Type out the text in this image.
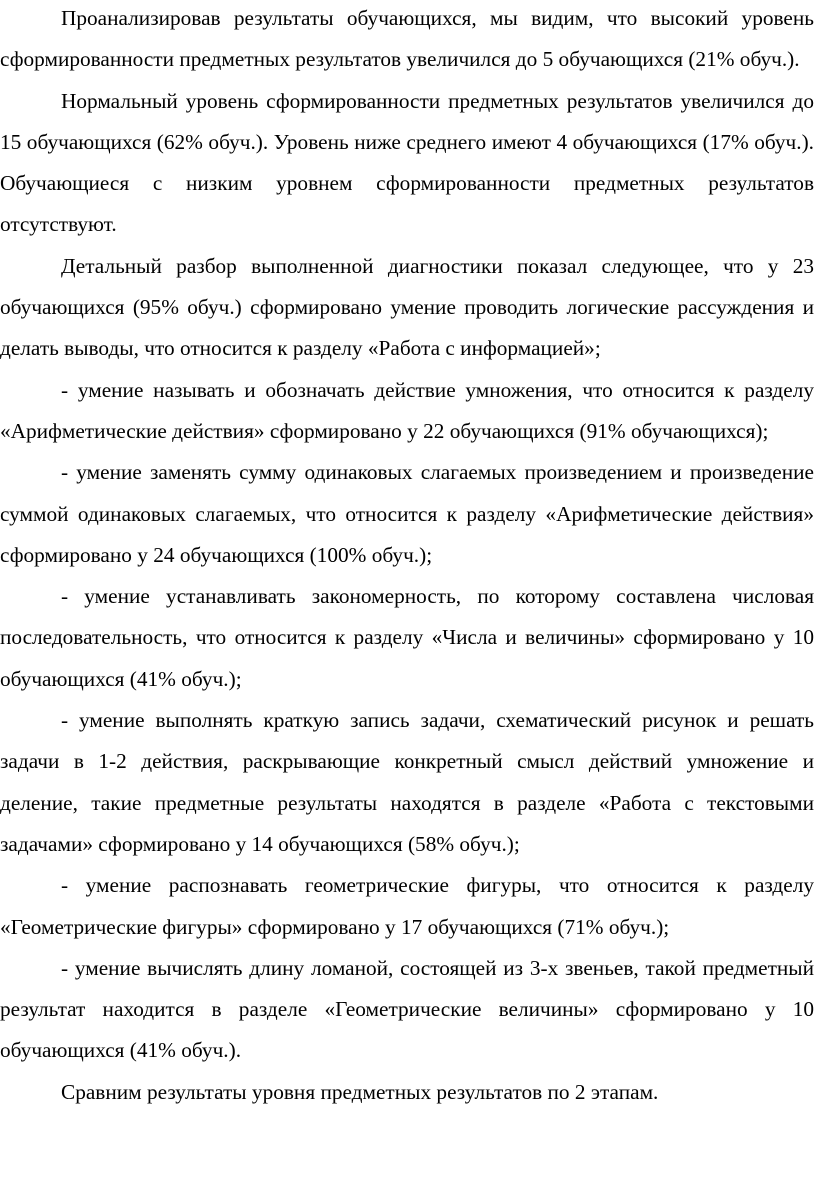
Проанализировав результаты обучающихся, мы видим, что высокий уровень сформированности предметных результатов увеличился до 5 обучающихся (21% обуч.).

Нормальный уровень сформированности предметных результатов увеличился до 15 обучающихся (62% обуч.). Уровень ниже среднего имеют 4 обучающихся (17% обуч.). Обучающиеся с низким уровнем сформированности предметных результатов отсутствуют.

Детальный разбор выполненной диагностики показал следующее, что у 23 обучающихся (95% обуч.) сформировано умение проводить логические рассуждения и делать выводы, что относится к разделу «Работа с информацией»;

- умение называть и обозначать действие умножения, что относится к разделу «Арифметические действия» сформировано у 22 обучающихся (91% обучающихся);

- умение заменять сумму одинаковых слагаемых произведением и произведение суммой одинаковых слагаемых, что относится к разделу «Арифметические действия» сформировано у 24 обучающихся (100% обуч.);

- умение устанавливать закономерность, по которому составлена числовая последовательность, что относится к разделу «Числа и величины» сформировано у 10 обучающихся (41% обуч.);

- умение выполнять краткую запись задачи, схематический рисунок и решать задачи в 1-2 действия, раскрывающие конкретный смысл действий умножение и деление, такие предметные результаты находятся в разделе «Работа с текстовыми задачами» сформировано у 14 обучающихся (58% обуч.);

- умение распознавать геометрические фигуры, что относится к разделу «Геометрические фигуры» сформировано у 17 обучающихся (71% обуч.);

- умение вычислять длину ломаной, состоящей из 3-х звеньев, такой предметный результат находится в разделе «Геометрические величины» сформировано у 10 обучающихся (41% обуч.).

Сравним результаты уровня предметных результатов по 2 этапам.
